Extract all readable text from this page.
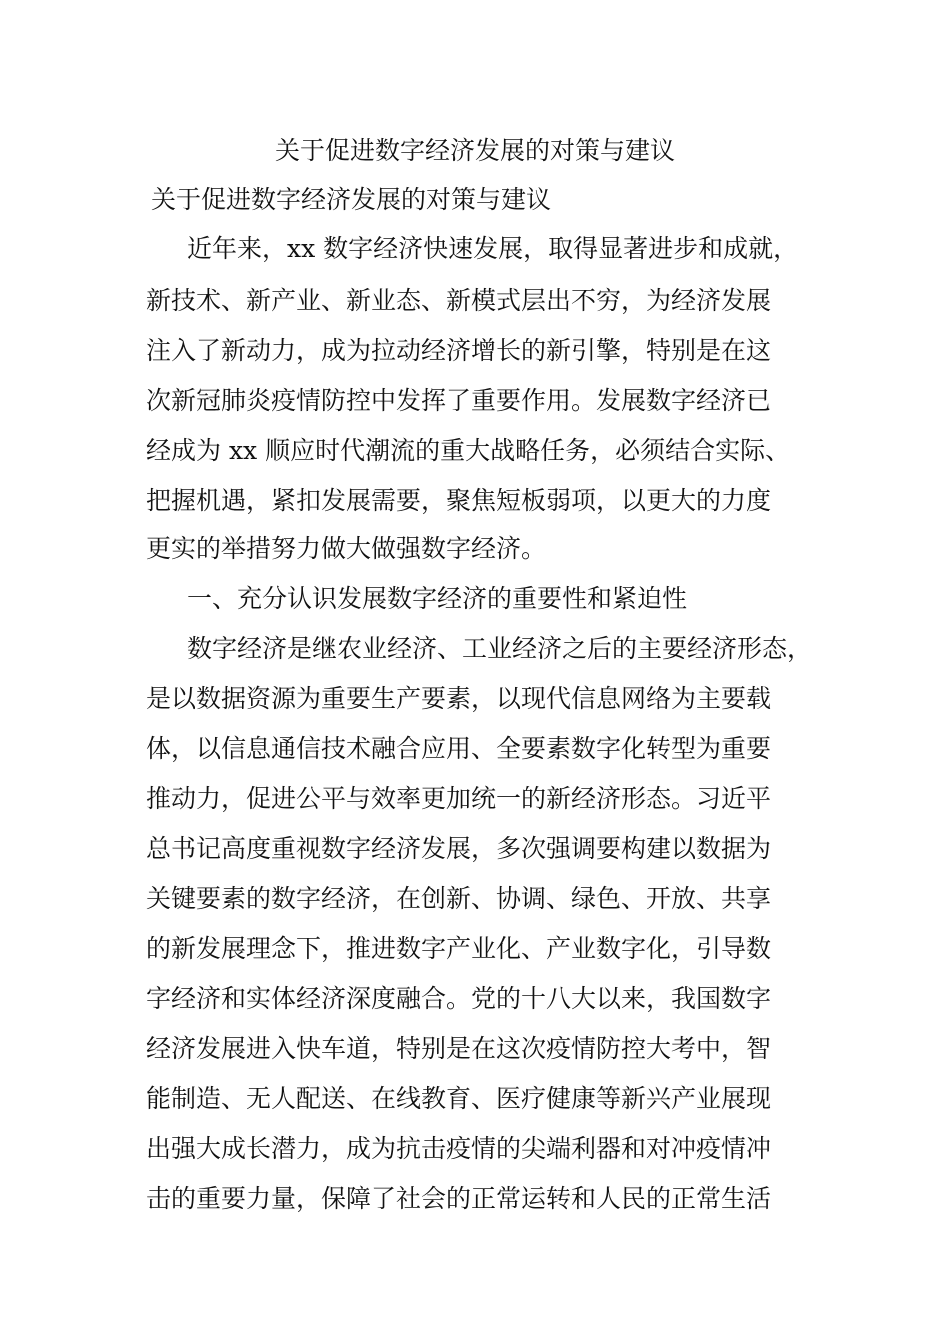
关于促进数字经济发展的对策与建议
关于促进数字经济发展的对策与建议

近年来，xx 数字经济快速发展，取得显著进步和成就，

新技术、新产业、新业态、新模式层出不穷，为经济发展

注入了新动力，成为拉动经济增长的新引擎，特别是在这

次新冠肺炎疫情防控中发挥了重要作用。发展数字经济已

经成为 xx 顺应时代潮流的重大战略任务，必须结合实际、

把握机遇，紧扣发展需要，聚焦短板弱项，以更大的力度

更实的举措努力做大做强数字经济。

一、充分认识发展数字经济的重要性和紧迫性

数字经济是继农业经济、工业经济之后的主要经济形态，

是以数据资源为重要生产要素，以现代信息网络为主要载

体，以信息通信技术融合应用、全要素数字化转型为重要

推动力，促进公平与效率更加统一的新经济形态。习近平

总书记高度重视数字经济发展，多次强调要构建以数据为

关键要素的数字经济，在创新、协调、绿色、开放、共享

的新发展理念下，推进数字产业化、产业数字化，引导数

字经济和实体经济深度融合。党的十八大以来，我国数字

经济发展进入快车道，特别是在这次疫情防控大考中，智

能制造、无人配送、在线教育、医疗健康等新兴产业展现

出强大成长潜力，成为抗击疫情的尖端利器和对冲疫情冲

击的重要力量，保障了社会的正常运转和人民的正常生活
